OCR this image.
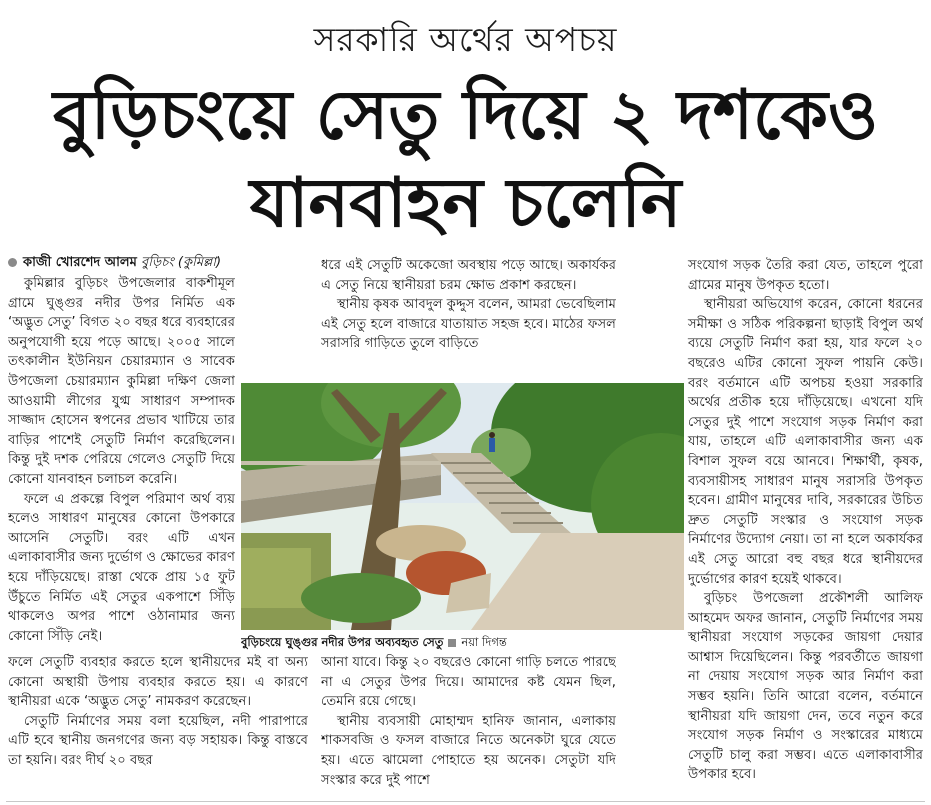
সরকারি অর্থের অপচয়
বুড়িচংয়ে সেতু দিয়ে ২ দশকেও
যানবাহন চলেনি
কাজী খোরশেদ আলম বুড়িচং (কুমিল্লা)

কুমিল্লার বুড়িচং উপজেলার বাকশীমূল গ্রামে ঘুঙ্গুর নদীর উপর নির্মিত এক ‘অদ্ভুত সেতু’ বিগত ২০ বছর ধরে ব্যবহারের অনুপযোগী হয়ে পড়ে আছে। ২০০৫ সালে তৎকালীন ইউনিয়ন চেয়ারম্যান ও সাবেক উপজেলা চেয়ারম্যান কুমিল্লা দক্ষিণ জেলা আওয়ামী লীগের যুগ্ম সাধারণ সম্পাদক সাজ্জাদ হোসেন স্বপনের প্রভাব খাটিয়ে তার বাড়ির পাশেই সেতুটি নির্মাণ করেছিলেন। কিন্তু দুই দশক পেরিয়ে গেলেও সেতুটি দিয়ে কোনো যানবাহন চলাচল করেনি।

ফলে এ প্রকল্পে বিপুল পরিমাণ অর্থ ব্যয় হলেও সাধারণ মানুষের কোনো উপকারে আসেনি সেতুটি। বরং এটি এখন এলাকাবাসীর জন্য দুর্ভোগ ও ক্ষোভের কারণ হয়ে দাঁড়িয়েছে। রাস্তা থেকে প্রায় ১৫ ফুট উঁচুতে নির্মিত এই সেতুর একপাশে সিঁড়ি থাকলেও অপর পাশে ওঠানামার জন্য কোনো সিঁড়ি নেই।

ফলে সেতুটি ব্যবহার করতে হলে স্থানীয়দের মই বা অন্য কোনো অস্থায়ী উপায় ব্যবহার করতে হয়। এ কারণে স্থানীয়রা একে ‘অদ্ভুত সেতু’ নামকরণ করেছেন।

সেতুটি নির্মাণের সময় বলা হয়েছিল, নদী পারাপারে এটি হবে স্থানীয় জনগণের জন্য বড় সহায়ক। কিন্তু বাস্তবে তা হয়নি। বরং দীর্ঘ ২০ বছর

ধরে এই সেতুটি অকেজো অবস্থায় পড়ে আছে। অকার্যকর এ সেতু নিয়ে স্থানীয়রা চরম ক্ষোভ প্রকাশ করছেন।

স্থানীয় কৃষক আবদুল কুদ্দুস বলেন, আমরা ভেবেছিলাম এই সেতু হলে বাজারে যাতায়াত সহজ হবে। মাঠের ফসল সরাসরি গাড়িতে তুলে বাড়িতে

আনা যাবে। কিন্তু ২০ বছরেও কোনো গাড়ি চলতে পারছে না এ সেতুর উপর দিয়ে। আমাদের কষ্ট যেমন ছিল, তেমনি রয়ে গেছে।

স্থানীয় ব্যবসায়ী মোহাম্মদ হানিফ জানান, এলাকায় শাকসবজি ও ফসল বাজারে নিতে অনেকটা ঘুরে যেতে হয়। এতে ঝামেলা পোহাতে হয় অনেক। সেতুটা যদি সংস্কার করে দুই পাশে

সংযোগ সড়ক তৈরি করা যেত, তাহলে পুরো গ্রামের মানুষ উপকৃত হতো।

স্থানীয়রা অভিযোগ করেন, কোনো ধরনের সমীক্ষা ও সঠিক পরিকল্পনা ছাড়াই বিপুল অর্থ ব্যয়ে সেতুটি নির্মাণ করা হয়, যার ফলে ২০ বছরেও এটির কোনো সুফল পায়নি কেউ। বরং বর্তমানে এটি অপচয় হওয়া সরকারি অর্থের প্রতীক হয়ে দাঁড়িয়েছে। এখনো যদি সেতুর দুই পাশে সংযোগ সড়ক নির্মাণ করা যায়, তাহলে এটি এলাকাবাসীর জন্য এক বিশাল সুফল বয়ে আনবে। শিক্ষার্থী, কৃষক, ব্যবসায়ীসহ সাধারণ মানুষ সরাসরি উপকৃত হবেন। গ্রামীণ মানুষের দাবি, সরকারের উচিত দ্রুত সেতুটি সংস্কার ও সংযোগ সড়ক নির্মাণের উদ্যোগ নেয়া। তা না হলে অকার্যকর এই সেতু আরো বহু বছর ধরে স্থানীয়দের দুর্ভোগের কারণ হয়েই থাকবে।

বুড়িচং উপজেলা প্রকৌশলী আলিফ আহমেদ অফর জানান, সেতুটি নির্মাণের সময় স্থানীয়রা সংযোগ সড়কের জায়গা দেয়ার আশ্বাস দিয়েছিলেন। কিন্তু পরবর্তীতে জায়গা না দেয়ায় সংযোগ সড়ক আর নির্মাণ করা সম্ভব হয়নি। তিনি আরো বলেন, বর্তমানে স্থানীয়রা যদি জায়গা দেন, তবে নতুন করে সংযোগ সড়ক নির্মাণ ও সংস্কারের মাধ্যমে সেতুটি চালু করা সম্ভব। এতে এলাকাবাসীর উপকার হবে।

বুড়িচংয়ে ঘুঙ্গুর নদীর উপর অব্যবহৃত সেতু নয়া দিগন্ত
